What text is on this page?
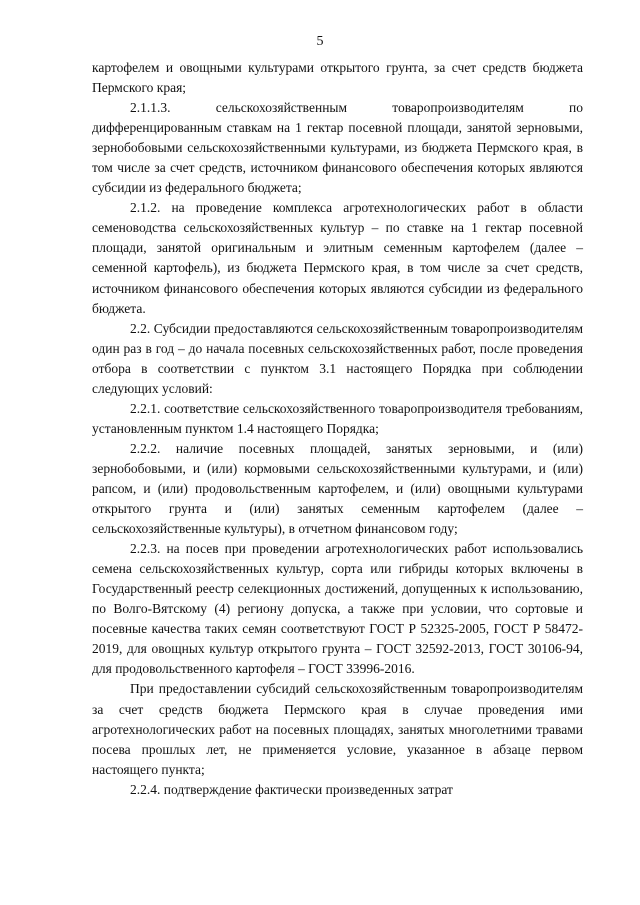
5

картофелем и овощными культурами открытого грунта, за счет средств бюджета Пермского края;

2.1.1.3. сельскохозяйственным товаропроизводителям по дифференцированным ставкам на 1 гектар посевной площади, занятой зерновыми, зернобобовыми сельскохозяйственными культурами, из бюджета Пермского края, в том числе за счет средств, источником финансового обеспечения которых являются субсидии из федерального бюджета;

2.1.2. на проведение комплекса агротехнологических работ в области семеноводства сельскохозяйственных культур – по ставке на 1 гектар посевной площади, занятой оригинальным и элитным семенным картофелем (далее – семенной картофель), из бюджета Пермского края, в том числе за счет средств, источником финансового обеспечения которых являются субсидии из федерального бюджета.

2.2. Субсидии предоставляются сельскохозяйственным товаропроизводителям один раз в год – до начала посевных сельскохозяйственных работ, после проведения отбора в соответствии с пунктом 3.1 настоящего Порядка при соблюдении следующих условий:

2.2.1. соответствие сельскохозяйственного товаропроизводителя требованиям, установленным пунктом 1.4 настоящего Порядка;

2.2.2. наличие посевных площадей, занятых зерновыми, и (или) зернобобовыми, и (или) кормовыми сельскохозяйственными культурами, и (или) рапсом, и (или) продовольственным картофелем, и (или) овощными культурами открытого грунта и (или) занятых семенным картофелем (далее – сельскохозяйственные культуры), в отчетном финансовом году;

2.2.3. на посев при проведении агротехнологических работ использовались семена сельскохозяйственных культур, сорта или гибриды которых включены в Государственный реестр селекционных достижений, допущенных к использованию, по Волго-Вятскому (4) региону допуска, а также при условии, что сортовые и посевные качества таких семян соответствуют ГОСТ Р 52325-2005, ГОСТ Р 58472-2019, для овощных культур открытого грунта – ГОСТ 32592-2013, ГОСТ 30106-94, для продовольственного картофеля – ГОСТ 33996-2016.

При предоставлении субсидий сельскохозяйственным товаропроизводителям за счет средств бюджета Пермского края в случае проведения ими агротехнологических работ на посевных площадях, занятых многолетними травами посева прошлых лет, не применяется условие, указанное в абзаце первом настоящего пункта;

2.2.4. подтверждение фактически произведенных затрат
